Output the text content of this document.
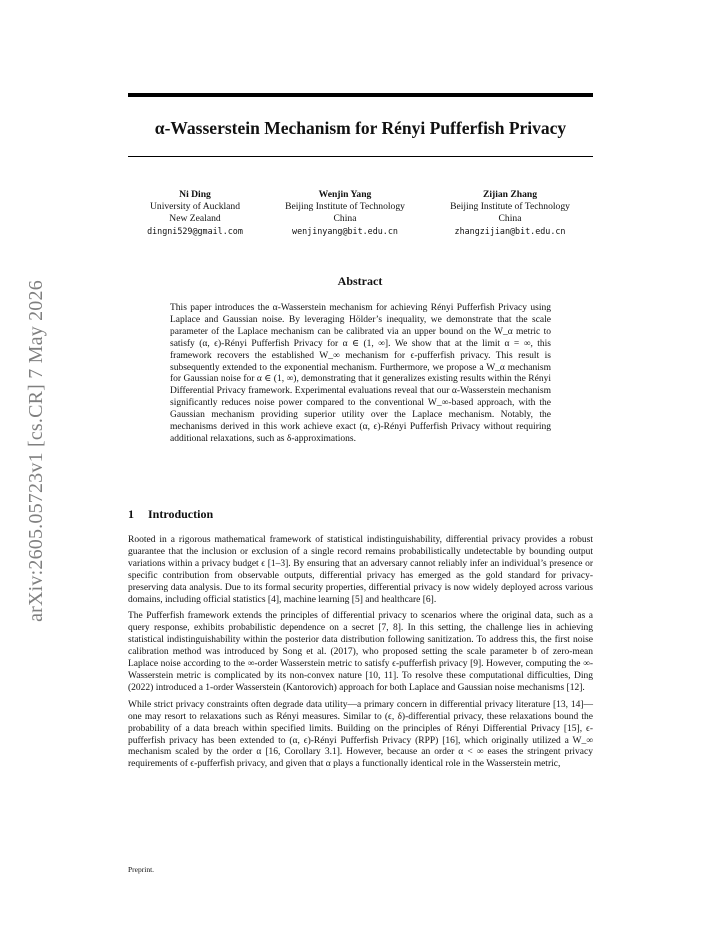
arXiv:2605.05723v1 [cs.CR] 7 May 2026
α-Wasserstein Mechanism for Rényi Pufferfish Privacy
Ni Ding
University of Auckland
New Zealand
dingni529@gmail.com
Wenjin Yang
Beijing Institute of Technology
China
wenjinyang@bit.edu.cn
Zijian Zhang
Beijing Institute of Technology
China
zhangzijian@bit.edu.cn
Abstract

This paper introduces the α-Wasserstein mechanism for achieving Rényi Pufferfish Privacy using Laplace and Gaussian noise. By leveraging Hölder’s inequality, we demonstrate that the scale parameter of the Laplace mechanism can be calibrated via an upper bound on the W_α metric to satisfy (α, ϵ)-Rényi Pufferfish Privacy for α ∈ (1, ∞]. We show that at the limit α = ∞, this framework recovers the established W_∞ mechanism for ϵ-pufferfish privacy. This result is subsequently extended to the exponential mechanism. Furthermore, we propose a W_α mechanism for Gaussian noise for α ∈ (1, ∞), demonstrating that it generalizes existing results within the Rényi Differential Privacy framework. Experimental evaluations reveal that our α-Wasserstein mechanism significantly reduces noise power compared to the conventional W_∞-based approach, with the Gaussian mechanism providing superior utility over the Laplace mechanism. Notably, the mechanisms derived in this work achieve exact (α, ϵ)-Rényi Pufferfish Privacy without requiring additional relaxations, such as δ-approximations.

1 Introduction

Rooted in a rigorous mathematical framework of statistical indistinguishability, differential privacy provides a robust guarantee that the inclusion or exclusion of a single record remains probabilistically undetectable by bounding output variations within a privacy budget ϵ [1–3]. By ensuring that an adversary cannot reliably infer an individual’s presence or specific contribution from observable outputs, differential privacy has emerged as the gold standard for privacy-preserving data analysis. Due to its formal security properties, differential privacy is now widely deployed across various domains, including official statistics [4], machine learning [5] and healthcare [6].

The Pufferfish framework extends the principles of differential privacy to scenarios where the original data, such as a query response, exhibits probabilistic dependence on a secret [7, 8]. In this setting, the challenge lies in achieving statistical indistinguishability within the posterior data distribution following sanitization. To address this, the first noise calibration method was introduced by Song et al. (2017), who proposed setting the scale parameter b of zero-mean Laplace noise according to the ∞-order Wasserstein metric to satisfy ϵ-pufferfish privacy [9]. However, computing the ∞-Wasserstein metric is complicated by its non-convex nature [10, 11]. To resolve these computational difficulties, Ding (2022) introduced a 1-order Wasserstein (Kantorovich) approach for both Laplace and Gaussian noise mechanisms [12].

While strict privacy constraints often degrade data utility—a primary concern in differential privacy literature [13, 14]—one may resort to relaxations such as Rényi measures. Similar to (ϵ, δ)-differential privacy, these relaxations bound the probability of a data breach within specified limits. Building on the principles of Rényi Differential Privacy [15], ϵ-pufferfish privacy has been extended to (α, ϵ)-Rényi Pufferfish Privacy (RPP) [16], which originally utilized a W_∞ mechanism scaled by the order α [16, Corollary 3.1]. However, because an order α < ∞ eases the stringent privacy requirements of ϵ-pufferfish privacy, and given that α plays a functionally identical role in the Wasserstein metric,

Preprint.
